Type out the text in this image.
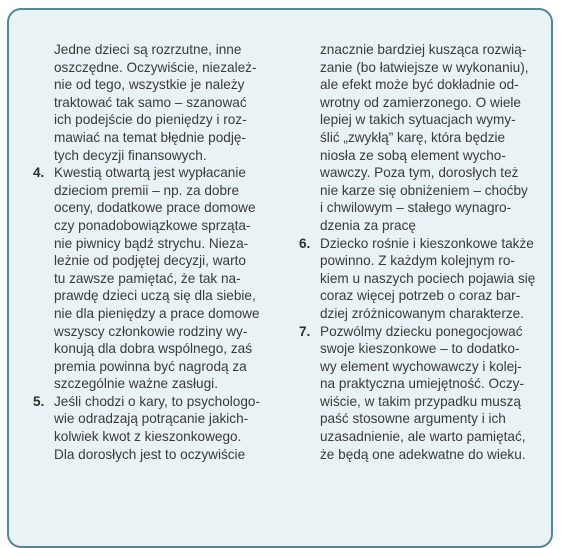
Jedne dzieci są rozrzutne, inne
oszczędne. Oczywiście, niezależ-
nie od tego, wszystkie je należy
traktować tak samo – szanować
ich podejście do pieniędzy i roz-
mawiać na temat błędnie podję-
tych decyzji finansowych.
4. Kwestią otwartą jest wypłacanie
dzieciom premii – np. za dobre
oceny, dodatkowe prace domowe
czy ponadobowiązkowe sprząta-
nie piwnicy bądź strychu. Nieza-
leżnie od podjętej decyzji, warto
tu zawsze pamiętać, że tak na-
prawdę dzieci uczą się dla siebie,
nie dla pieniędzy a prace domowe
wszyscy członkowie rodziny wy-
konują dla dobra wspólnego, zaś
premia powinna być nagrodą za
szczególnie ważne zasługi.
5. Jeśli chodzi o kary, to psychologo-
wie odradzają potrącanie jakich-
kolwiek kwot z kieszonkowego.
Dla dorosłych jest to oczywiście
znacznie bardziej kusząca rozwią-
zanie (bo łatwiejsze w wykonaniu),
ale efekt może być dokładnie od-
wrotny od zamierzonego. O wiele
lepiej w takich sytuacjach wymy-
ślić „zwykłą” karę, która będzie
niosła ze sobą element wycho-
wawczy. Poza tym, dorosłych też
nie karze się obniżeniem – choćby
i chwilowym – stałego wynagro-
dzenia za pracę
6. Dziecko rośnie i kieszonkowe także
powinno. Z każdym kolejnym ro-
kiem u naszych pociech pojawia się
coraz więcej potrzeb o coraz bar-
dziej zróżnicowanym charakterze.
7. Pozwólmy dziecku ponegocjować
swoje kieszonkowe – to dodatko-
wy element wychowawczy i kolej-
na praktyczna umiejętność. Oczy-
wiście, w takim przypadku muszą
paść stosowne argumenty i ich
uzasadnienie, ale warto pamiętać,
że będą one adekwatne do wieku.
